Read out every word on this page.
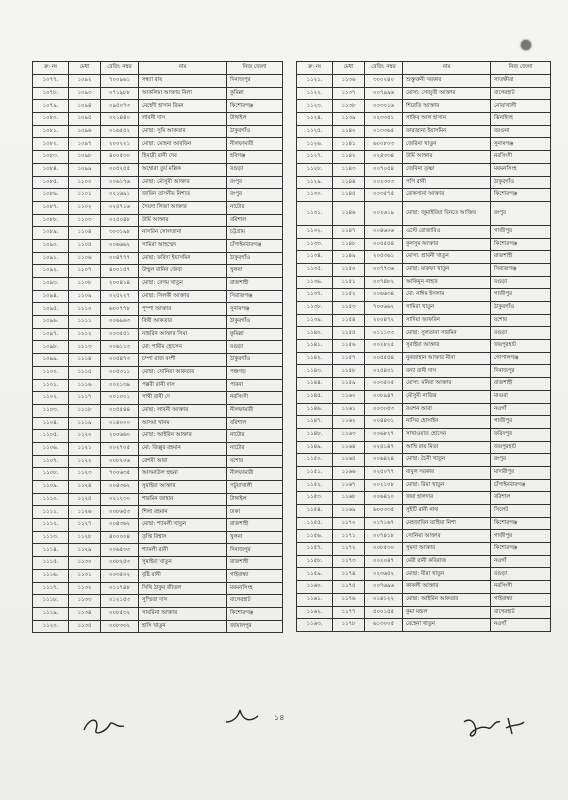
ক্র: নং	মেধা	রেজি: নম্বর	নাম	নিজ জেলা
১০৭৭.	১০৯২	৭০০৯৬১	সন্ধ্যা রায়	দিনাজপুর
১০৭৮.	১০৯৩	০৭১৯৮৮	আকলিমা আক্তার নিলা	কুমিল্লা
১০৭৯.	১০৯৪	০৯৫০৭৩	মেহেদী হাসান রিমন	কিশোরগঞ্জ
১০৮০.	১০৯৫	০২১৪৪০	লাবনী দাস	টাঙ্গাইল
১০৮১.	১০৯৬	০১৬৫৫২	মোছা: সুমি আকতার	ঠাকুরগাঁও
১০৮২.	১০৯৭	২০০২২১	মোছা: মোহনা আরফিন	নীলফামারী
১০৮৩.	১০৯৮	৪০০৫৩০	হিমাদ্রী রানী দেব	হবিগঞ্জ
১০৮৪.	১০৯৯	০০৫২৫৫	অম্বোরা তুর্য মল্লিক	বগুড়া
১০৮৫.	১১০০	০০৬১৭৬	মোছা: মৌসুমী আক্তার	রংপুর
১০৮৬.	১১০১	০২১৬৯১	জারিন তাসনীম নিশাত	রংপুর
১০৮৭.	১১০২	০২৫৭১৬	সৈয়দা লিজা আক্তার	নাটোর
১০৮৮.	১১০৩	০২৫০৪৮	উর্মি আক্তার	বরিশাল
১০৮৯.	১১০৪	৩০৩১৯৮	নাসরিন সোলতানা	চট্টগ্রাম
১০৯০.	১১০৫	০০৬৬৬২	সামিরা আহম্মেদ	চাঁপাইনবাবগঞ্জ
১০৯১.	১১০৬	০০৪৭৭৭	মোছা: ফরিদা ইয়াসমিন	ঠাকুরগাঁও
১০৯২.	১১০৭	৪০০১৫৭	উম্মুল বানিন জেবা	খুলনা
১০৯৩.	১১০৮	২০০৪১৪	মোছা: বেগম খাতুন	রাজশাহী
১০৯৪.	১১০৯	০২৫২২৭	মোছা: সিলকী আক্তার	সিরাজগঞ্জ
১০৯৫.	১১১০	৬০০৭৭৮	পুস্পা আক্তার	সুনামগঞ্জ
১০৯৬.	১১১১	০০৬৯৬৩	বিথী আকতার	ঠাকুরগাঁও
১০৯৭.	১১১২	০০৩৫৫১	নাছরিন আক্তার সিমা	কুমিল্লা
১০৯৮.	১১১৩	০০৬১১৩	মো: শামীম হোসেন	বগুড়া
১০৯৯.	১১১৪	০০৫৪৭৩	চম্পা রাজ বংশী	ঠাকুরগাঁও
১১০০.	১১১৫	০০৫৩১১	মোছা: সোনিয়া আকতার	পঞ্চগড়
১১০১.	১১১৬	০০২১৩৯	পল্লবী রানী দাস	পাবনা
১১০২.	১১১৭	০০১০০১	সাথী রানী দে	নরসিংদী
১১০৩.	১১১৮	০০৫৫৪৪	মোছা: লাবনী আক্তার	নীলফামারী
১১০৪.	১১১৯	০১৪০০০	আসমা খানম	বরিশাল
১১০৫.	১১২০	২০০৬৬০	মোছা: আইরিন আক্তার	নাটোর
১১০৬.	১১২১	০০২৭০৫	মো: জিল্লুর রহমান	নাটোর
১১০৭.	১১২২	০০৮২০৬	রেশমী আরা	যশোর
১১০৮.	১১২৩	৭০০৬৩৫	আসমাউল হুছনা	নীলফামারী
১১০৯.	১১২৪	০০৪৩৬২	সুমাইয়া আক্তার	পটুয়াখালী
১১১০.	১১২৫	০২১২৩০	শারমিন জাহান	টাঙ্গাইল
১১১১.	১১২৬	০০৮৬৫৩	শিলা রহমান	ঢাকা
১১১২.	১১২৭	০০৪৩৬২	মোছা: শ্যামলী খাতুন	রাজশাহী
১১১৩.	১১২৮	৪০০০০৪	তৃপ্তি বিশ্বাস	খুলনা
১১১৪.	১১২৯	০০৬৫৩৩	শ্যামলী রানী	দিনাজপুর
১১১৫.	১১৩০	০০৮২৫৩	সুমাইয়া খাতুন	রাজশাহী
১১১৬.	১১৩১	০০৩৫০২	বৃষ্টি রানী	গাইবান্ধা
১১১৭.	১১৩২	০১১৭৪৮	সিথি ঠাকুর জীতল	ময়মনসিংহ
১১১৮.	১১৩৩	০১২১৫৩	সুস্মিতা দাস	বাগেরহাট
১১১৯.	১১৩৪	০০৮৫৩২	সাবরিনা আক্তার	কিশোরগঞ্জ
১১২০.	১১৩৫	০০৮৩৩২	হাসি খাতুন	জামালপুর
ক্র: নং	মেধা	রেজি: নম্বর	নাম	নিজ জেলা
১১২১.	১১৩৬	৩০০২৪০	শুক্তুরুনী সরকার	সাতক্ষীরা
১১২২.	১১৩৭	০০৭৯৯৬	মোসা: সেজুতী আক্তার	বাগেরহাট
১১২৩.	১১৩৮	০০৩০১৬	শিরেতি আক্তার	নোয়াখালী
১১২৪.	১১৩৯	০২৩৩৫১	সাকিব আল হাসান	ঝিনাইদহ
১১২৫.	১১৪০	০১৩৩৬৫	ফারজানা ইয়াসমিন	বরগুনা
১১২৬.	১১৪১	৬০০৮০৩	জেরিনা খাতুন	সুনামগঞ্জ
১১২৭.	১১৪২	০২৪৩৩৪	উর্মি আক্তার	নরসিংদী
১১২৮.	১১৪৩	০০৭০৫৪	জেবিনা তৃষ্ণা	ময়মনসিংহ
১১২৯.	১১৪৪	০০২৩০৩	পপি রানী	ঠাকুরগাঁও
১১৩০.	১১৪৫	০০৩৫৭৫	রোকসানা আক্তার	কিশোরগঞ্জ
১১৩১.	১১৪৬	০০২৬১৯	মোছা: জুমাইরিয়া বিনতে আক্তির	রংপুর
১১৩২.	১১৪৭	০০৪৬০৬	এস্টে রোজারিও	গাজীপুর
১১৩৩.	১১৪৮	০০৫৫৫৪	কুলসুম আক্তার	কিশোরগঞ্জ
১১৩৪.	১১৪৯	২০৫৩৬১	মোসা: শ্রাবনী খাতুন	রাজশাহী
১১৩৫.	১১৫০	০০৭৭৩৬	মোছা: মারুফা খাতুন	সিরাজগঞ্জ
১১৩৬.	১১৫১	০০৭৪৮২	আকিমুন নাহার	বগুড়া
১১৩৭.	১১৫২	০০৬৬৩৪	মো: নাঈম ইসলাম	গাজীপুর
১১৩৮.	১১৫৩	৭০০৬৬২	সামিরা খাতুন	ঠাকুরগাঁও
১১৩৯.	১১৫৪	২০০৪৭২	সাদিয়া আফরিন	যশোর
১১৪০.	১১৫৫	০১১১০৩	মোছা: সুলতানা সারমিন	বগুড়া
১১৪১.	১১৫৬	০০২৮২৫	সুরাইয়া আক্তার	জয়পুরহাট
১১৪২.	১১৫৭	০০৫৫৫৪	নুরজাহান আক্তার নীনা	গোপালগঞ্জ
১১৪৩.	১১৫৮	০২৫৪০১	বন্যা রানী দাস	দিনাজপুর
১১৪৪.	১১৫৯	০০৩৫০৫	মোসা: মনিরা আক্তার	রাজশাহী
১১৪৫.	১১৬০	০০৮৯৪৭	মৌসুমী নাজির	মাগুরা
১১৪৬.	১১৬১	০০৩০৫৩	রওশন আরা	নওগাঁ
১১৪৭.	১১৬২	০০৪৪৩১	নাসির হোসাইন	গাজীপুর
১১৪৮.	১১৬৩	০০৬৮২৭	সাখাওয়াত হোসেন	ফরিদপুর
১১৪৯.	১১৬৪	০২৫১৪৭	আম্বি রায় মিতা	জয়পুরহাট
১১৫০.	১১৬৫	০০৬৪২৪	মোছা: চৈনী খাতুন	রংপুর
১১৫১.	১১৬৬	০২৫০৭৭	বাবুল সরকার	মাদারীপুর
১১৫২.	১১৬৭	০০২১০৮	মোছা: রিমা খাতুন	চাঁপাইনবাবগঞ্জ
১১৫৩.	১১৬৮	০০৬৪১০	জয়া হালদার	বরিশাল
১১৫৪.	১১৬৯	৬০০৩৩৫	সুইটি রানী নাথ	সিলেট
১১৫৫.	১১৭০	০১৭১৬৭	মেহজাবিন তাহিয়া নিশা	কিশোরগঞ্জ
১১৫৬.	১১৭১	০০৭৪১৮	সোনিয়া আক্তার	গাজীপুর
১১৫৭.	১১৭২	০০৮৫৩০	সুমনা আক্তার	কিশোরগঞ্জ
১১৫৮.	১১৭৩	০০২০৪৭	মেরী রানী কবিরাজ	নওগাঁ
১১৫৯.	১১৭৪	০২৩৬৫২	মোছা: মীরা খাতুন	বগুড়া
১১৬০.	১১৭৫	০০৭৬৯৬	কাকলী আক্তার	নরসিংদী
১১৬১.	১১৭৬	০১৪১২২	মোছা: আইরিন আকতার	গাইবান্ধা
১১৬২.	১১৭৭	৫০০১৫৫	কুমা মন্ডল	বাগেরহাট
১১৬৩.	১১৭৮	৬১৩০০৫	রেহেনা খাতুন	নওগাঁ
১৪
